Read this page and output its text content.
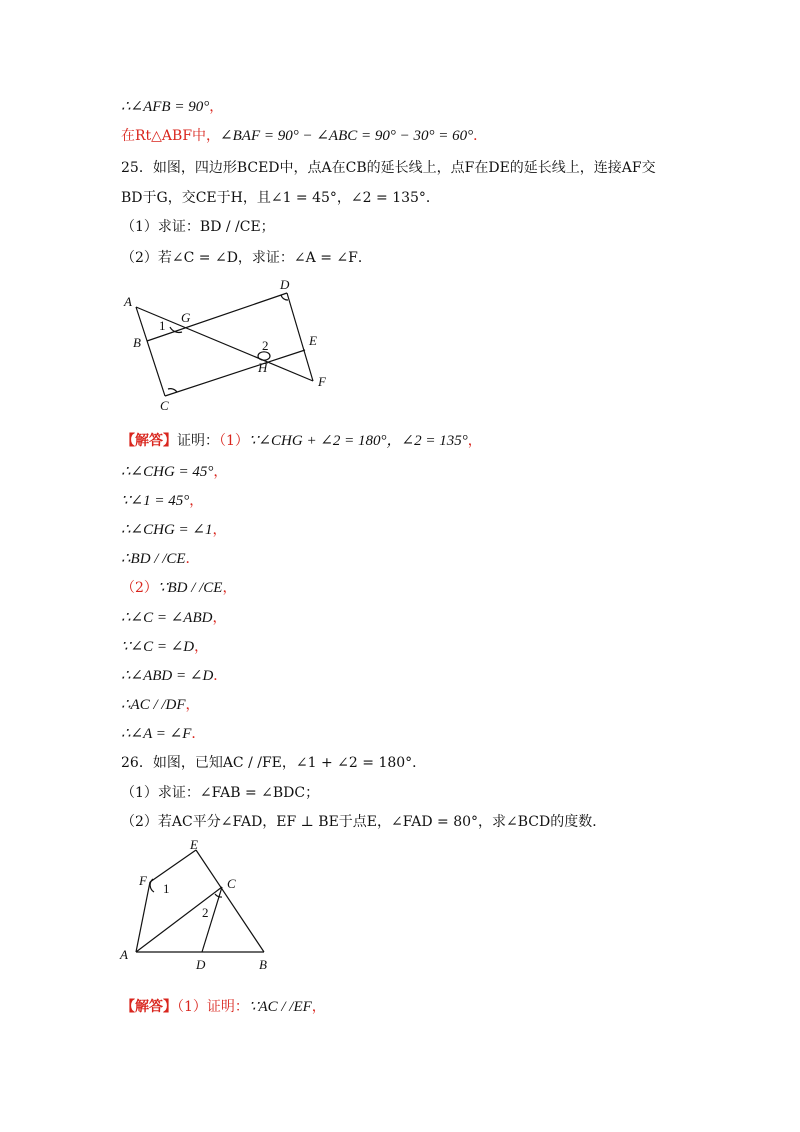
∴∠AFB = 90°，
在Rt△ABF中，∠BAF = 90° − ∠ABC = 90° − 30° = 60°．
25．如图，四边形BCED中，点A在CB的延长线上，点F在DE的延长线上，连接AF交
BD于G，交CE于H，且∠1 = 45°，∠2 = 135°．
（1）求证：BD / /CE；
（2）若∠C = ∠D，求证：∠A = ∠F．
A
B
C
D
E
F
G
H
1
2
【解答】证明：（1）∵∠CHG + ∠2 = 180°，∠2 = 135°，
∴∠CHG = 45°，
∵∠1 = 45°，
∴∠CHG = ∠1，
∴BD / /CE．
（2）∵BD / /CE，
∴∠C = ∠ABD，
∵∠C = ∠D，
∴∠ABD = ∠D．
∴AC / /DF，
∴∠A = ∠F．
26．如图，已知AC / /FE，∠1 + ∠2 = 180°．
（1）求证：∠FAB = ∠BDC；
（2）若AC平分∠FAD，EF ⊥ BE于点E，∠FAD = 80°，求∠BCD的度数．
E
F	C
A
D	B
1
2
【解答】（1）证明：∵AC / /EF，
